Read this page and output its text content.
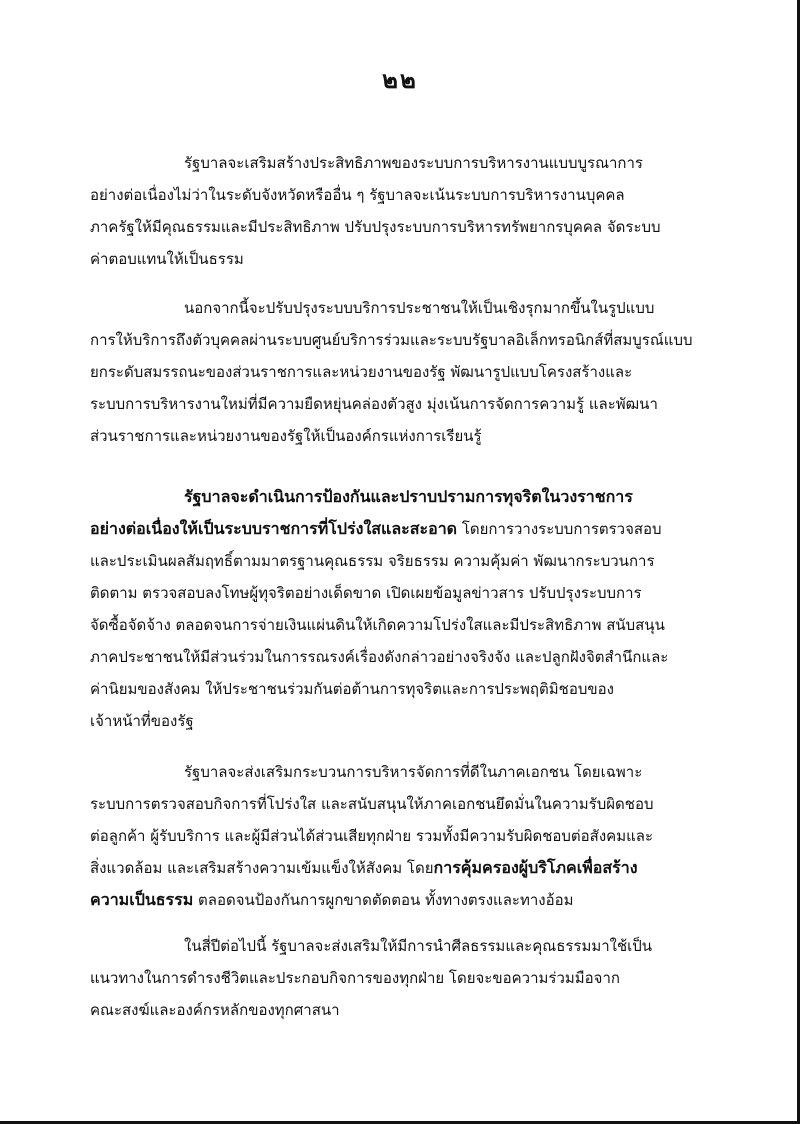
๒๒

รัฐบาลจะเสริมสร้างประสิทธิภาพของระบบการบริหารงานแบบบูรณาการ
อย่างต่อเนื่องไม่ว่าในระดับจังหวัดหรืออื่น ๆ รัฐบาลจะเน้นระบบการบริหารงานบุคคล
ภาครัฐให้มีคุณธรรมและมีประสิทธิภาพ ปรับปรุงระบบการบริหารทรัพยากรบุคคล จัดระบบ
ค่าตอบแทนให้เป็นธรรม

นอกจากนี้จะปรับปรุงระบบบริการประชาชนให้เป็นเชิงรุกมากขึ้นในรูปแบบ
การให้บริการถึงตัวบุคคลผ่านระบบศูนย์บริการร่วมและระบบรัฐบาลอิเล็กทรอนิกส์ที่สมบูรณ์แบบ
ยกระดับสมรรถนะของส่วนราชการและหน่วยงานของรัฐ พัฒนารูปแบบโครงสร้างและ
ระบบการบริหารงานใหม่ที่มีความยืดหยุ่นคล่องตัวสูง มุ่งเน้นการจัดการความรู้ และพัฒนา
ส่วนราชการและหน่วยงานของรัฐให้เป็นองค์กรแห่งการเรียนรู้

รัฐบาลจะดำเนินการป้องกันและปราบปรามการทุจริตในวงราชการ
อย่างต่อเนื่องให้เป็นระบบราชการที่โปร่งใสและสะอาด โดยการวางระบบการตรวจสอบ
และประเมินผลสัมฤทธิ์ตามมาตรฐานคุณธรรม จริยธรรม ความคุ้มค่า พัฒนากระบวนการ
ติดตาม ตรวจสอบลงโทษผู้ทุจริตอย่างเด็ดขาด เปิดเผยข้อมูลข่าวสาร ปรับปรุงระบบการ
จัดซื้อจัดจ้าง ตลอดจนการจ่ายเงินแผ่นดินให้เกิดความโปร่งใสและมีประสิทธิภาพ สนับสนุน
ภาคประชาชนให้มีส่วนร่วมในการรณรงค์เรื่องดังกล่าวอย่างจริงจัง และปลูกฝังจิตสำนึกและ
ค่านิยมของสังคม ให้ประชาชนร่วมกันต่อต้านการทุจริตและการประพฤติมิชอบของ
เจ้าหน้าที่ของรัฐ

รัฐบาลจะส่งเสริมกระบวนการบริหารจัดการที่ดีในภาคเอกชน โดยเฉพาะ
ระบบการตรวจสอบกิจการที่โปร่งใส และสนับสนุนให้ภาคเอกชนยึดมั่นในความรับผิดชอบ
ต่อลูกค้า ผู้รับบริการ และผู้มีส่วนได้ส่วนเสียทุกฝ่าย รวมทั้งมีความรับผิดชอบต่อสังคมและ
สิ่งแวดล้อม และเสริมสร้างความเข้มแข็งให้สังคม โดยการคุ้มครองผู้บริโภคเพื่อสร้าง
ความเป็นธรรม ตลอดจนป้องกันการผูกขาดตัดตอน ทั้งทางตรงและทางอ้อม

ในสี่ปีต่อไปนี้ รัฐบาลจะส่งเสริมให้มีการนำศีลธรรมและคุณธรรมมาใช้เป็น
แนวทางในการดำรงชีวิตและประกอบกิจการของทุกฝ่าย โดยจะขอความร่วมมือจาก
คณะสงฆ์และองค์กรหลักของทุกศาสนา
